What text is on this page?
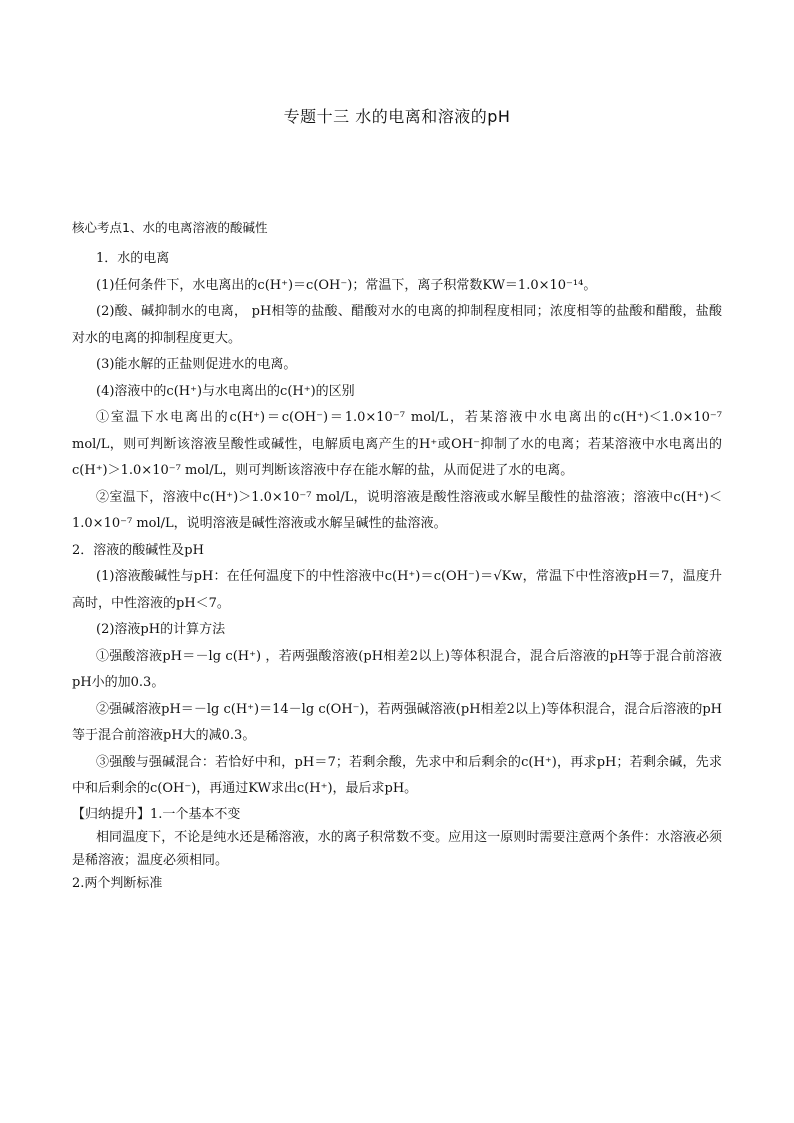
专题十三 水的电离和溶液的pH
核心考点1、水的电离溶液的酸碱性

1．水的电离

(1)任何条件下，水电离出的c(H⁺)＝c(OH⁻)；常温下，离子积常数KW＝1.0×10⁻¹⁴。

(2)酸、碱抑制水的电离， pH相等的盐酸、醋酸对水的电离的抑制程度相同；浓度相等的盐酸和醋酸，盐酸对水的电离的抑制程度更大。

(3)能水解的正盐则促进水的电离。

(4)溶液中的c(H⁺)与水电离出的c(H⁺)的区别

①室温下水电离出的c(H⁺)＝c(OH⁻)＝1.0×10⁻⁷ mol/L，若某溶液中水电离出的c(H⁺)＜1.0×10⁻⁷ mol/L，则可判断该溶液呈酸性或碱性，电解质电离产生的H⁺或OH⁻抑制了水的电离；若某溶液中水电离出的c(H⁺)＞1.0×10⁻⁷ mol/L，则可判断该溶液中存在能水解的盐，从而促进了水的电离。

②室温下，溶液中c(H⁺)＞1.0×10⁻⁷ mol/L，说明溶液是酸性溶液或水解呈酸性的盐溶液；溶液中c(H⁺)＜1.0×10⁻⁷ mol/L，说明溶液是碱性溶液或水解呈碱性的盐溶液。

2．溶液的酸碱性及pH

(1)溶液酸碱性与pH：在任何温度下的中性溶液中c(H⁺)＝c(OH⁻)＝√Kw，常温下中性溶液pH＝7，温度升高时，中性溶液的pH＜7。

(2)溶液pH的计算方法

①强酸溶液pH＝－lg c(H⁺) ，若两强酸溶液(pH相差2以上)等体积混合，混合后溶液的pH等于混合前溶液pH小的加0.3。

②强碱溶液pH＝－lg c(H⁺)＝14－lg c(OH⁻)，若两强碱溶液(pH相差2以上)等体积混合，混合后溶液的pH等于混合前溶液pH大的减0.3。

③强酸与强碱混合：若恰好中和，pH＝7；若剩余酸，先求中和后剩余的c(H⁺)，再求pH；若剩余碱，先求中和后剩余的c(OH⁻)，再通过KW求出c(H⁺)，最后求pH。

【归纳提升】1.一个基本不变

相同温度下，不论是纯水还是稀溶液，水的离子积常数不变。应用这一原则时需要注意两个条件：水溶液必须是稀溶液；温度必须相同。

2.两个判断标准
